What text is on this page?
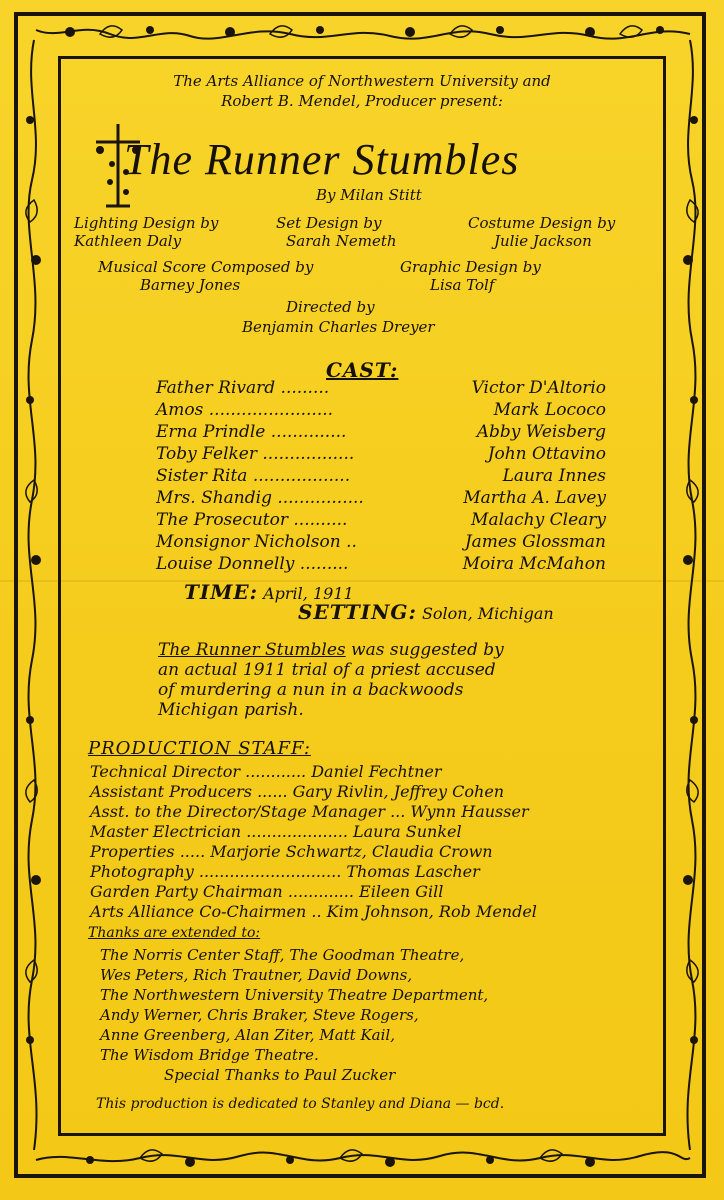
The Arts Alliance of Northwestern University and
Robert B. Mendel, Producer present:
The Runner Stumbles
By Milan Stitt
Lighting Design by
Kathleen Daly
Set Design by
Sarah Nemeth
Costume Design by
Julie Jackson
Musical Score Composed by
Barney Jones
Graphic Design by
Lisa Tolf
Directed by
Benjamin Charles Dreyer
CAST:
Father Rivard .........	Victor D'Altorio
Amos .......................	Mark Lococo
Erna Prindle ..............	Abby Weisberg
Toby Felker .................	John Ottavino
Sister Rita ..................	Laura Innes
Mrs. Shandig ................	Martha A. Lavey
The Prosecutor ..........	Malachy Cleary
Monsignor Nicholson ..	James Glossman
Louise Donnelly .........	Moira McMahon
TIME: April, 1911
SETTING: Solon, Michigan
The Runner Stumbles was suggested by
an actual 1911 trial of a priest accused
of murdering a nun in a backwoods
Michigan parish.
PRODUCTION STAFF:
Technical Director ............ Daniel Fechtner
Assistant Producers ...... Gary Rivlin, Jeffrey Cohen
Asst. to the Director/Stage Manager ... Wynn Hausser
Master Electrician .................... Laura Sunkel
Properties ..... Marjorie Schwartz, Claudia Crown
Photography ............................ Thomas Lascher
Garden Party Chairman ............. Eileen Gill
Arts Alliance Co-Chairmen .. Kim Johnson, Rob Mendel
Thanks are extended to:
The Norris Center Staff, The Goodman Theatre,
Wes Peters, Rich Trautner, David Downs,
The Northwestern University Theatre Department,
Andy Werner, Chris Braker, Steve Rogers,
Anne Greenberg, Alan Ziter, Matt Kail,
The Wisdom Bridge Theatre.
Special Thanks to Paul Zucker
This production is dedicated to Stanley and Diana — bcd.
